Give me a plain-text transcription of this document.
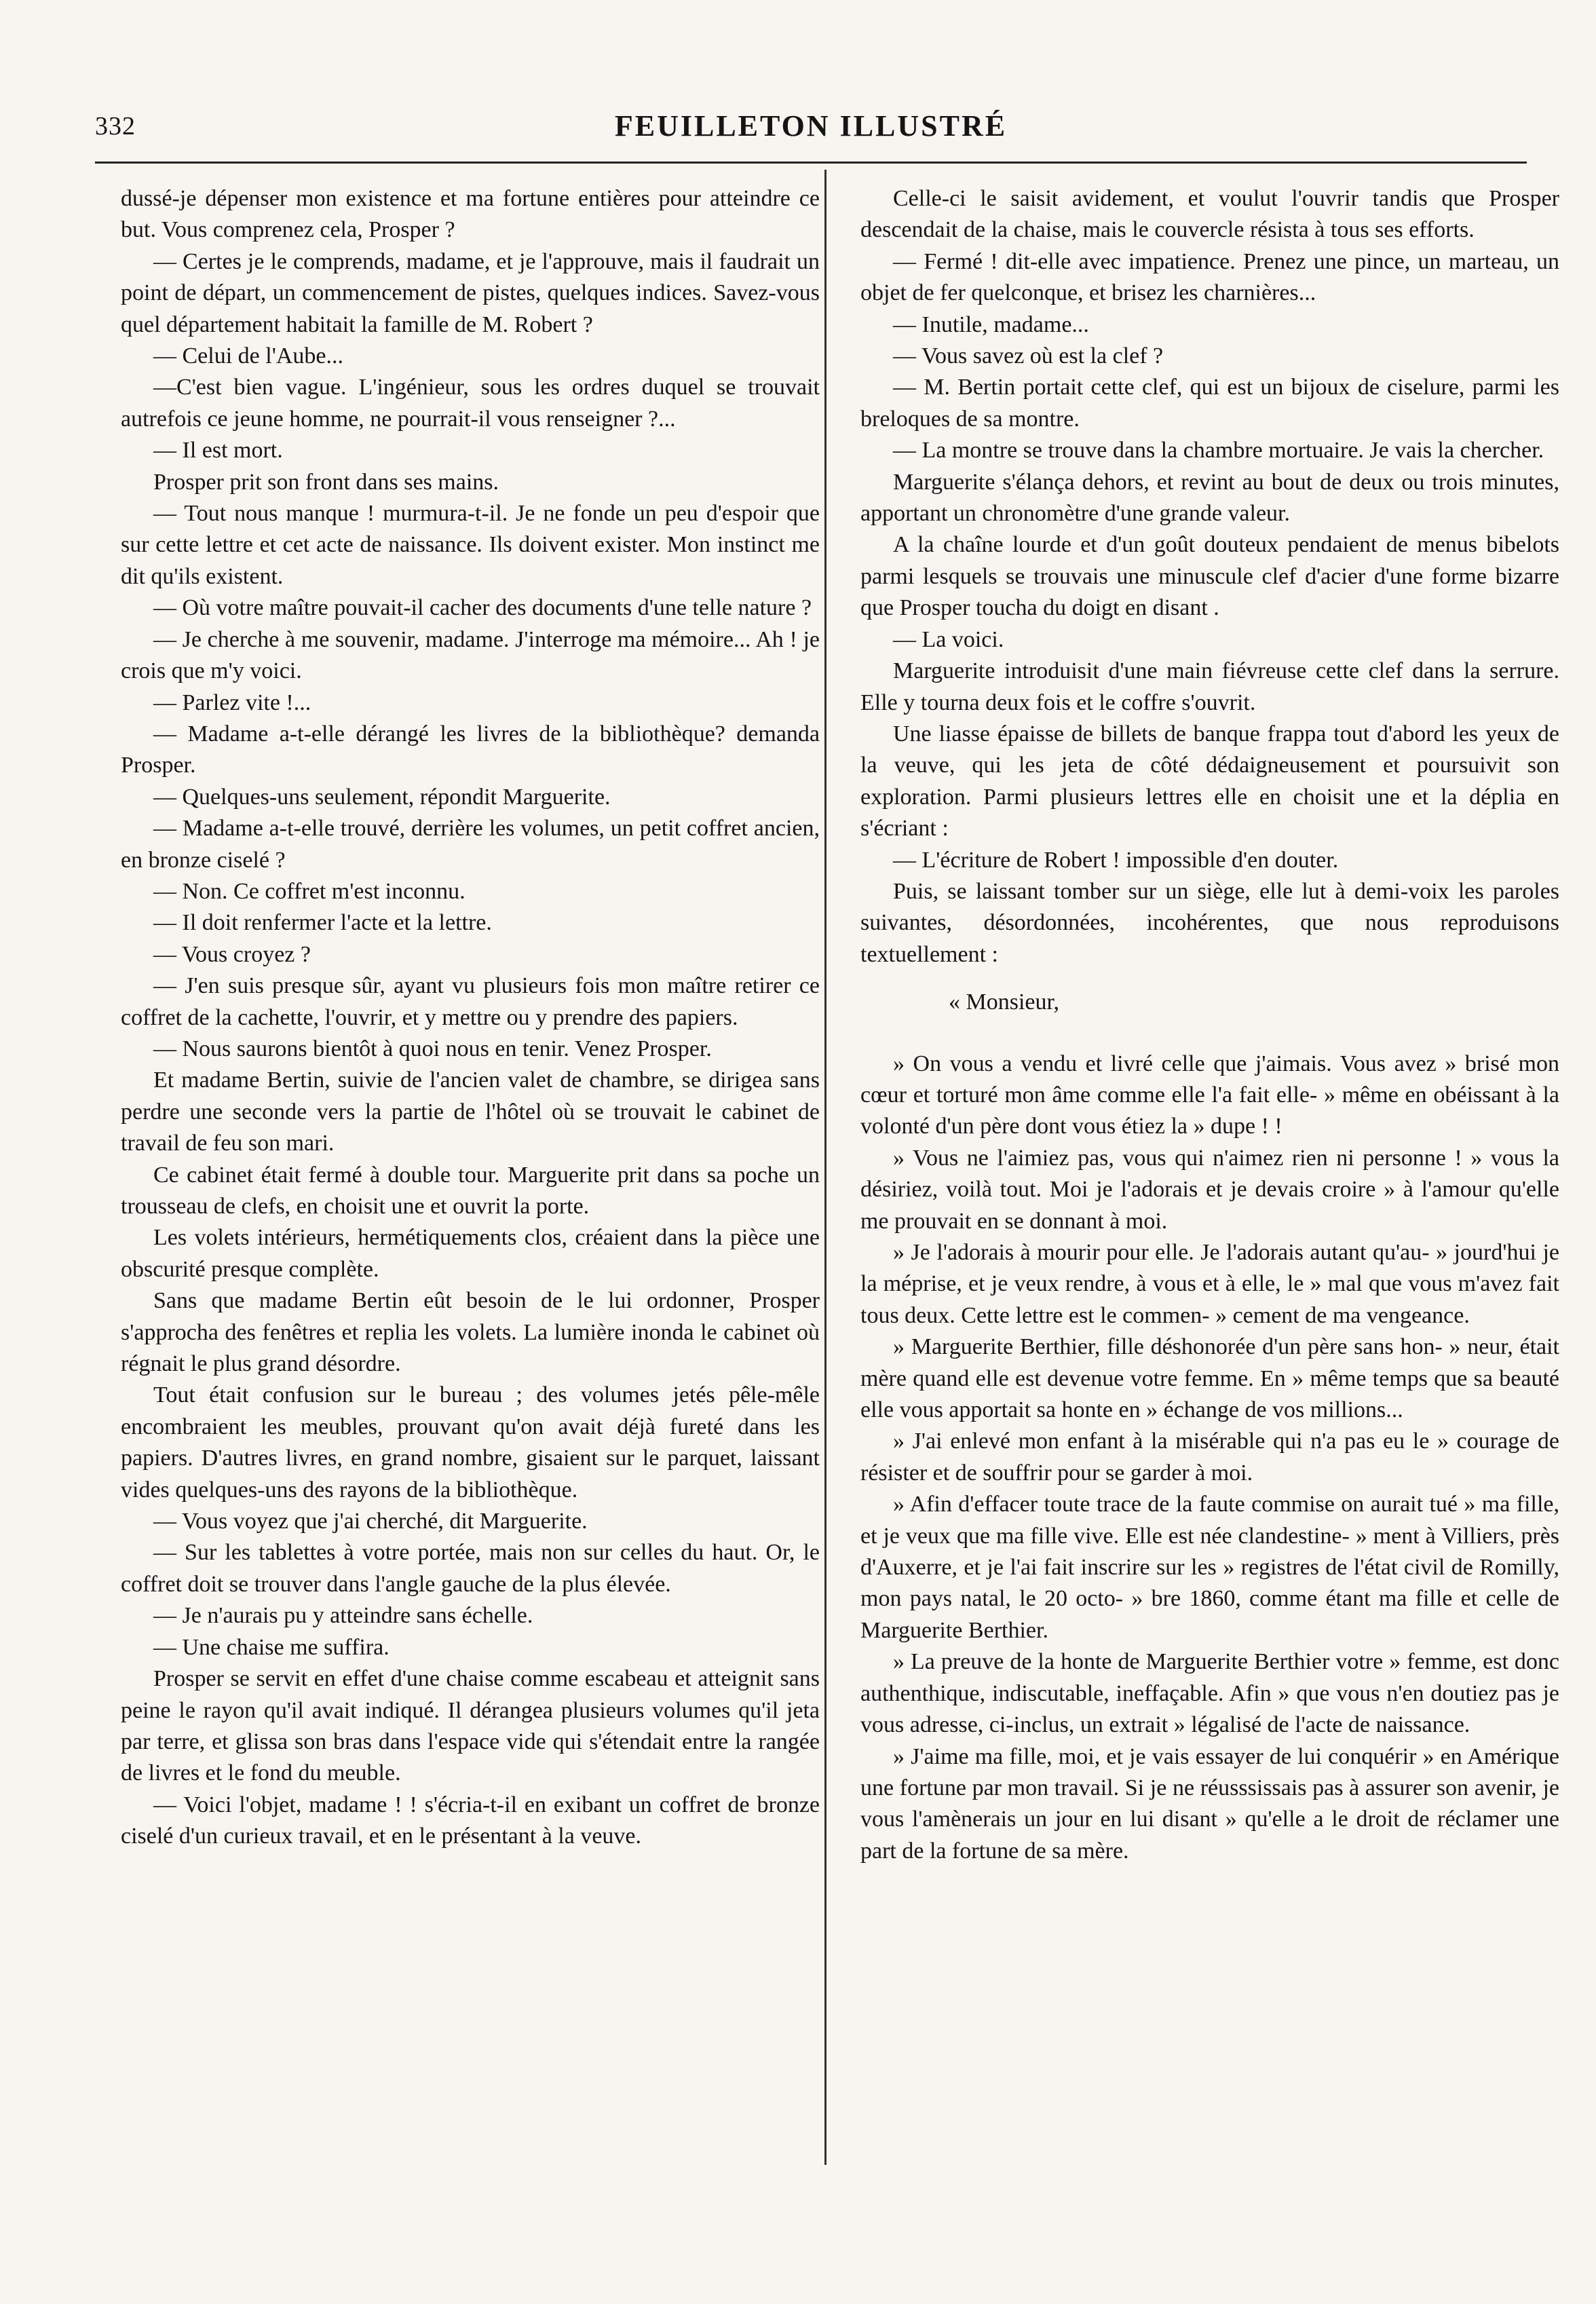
332	FEUILLETON ILLUSTRÉ

dussé-je dépenser mon existence et ma fortune entières pour atteindre ce but. Vous comprenez cela, Prosper ?

— Certes je le comprends, madame, et je l'approuve, mais il faudrait un point de départ, un commencement de pistes, quelques indices. Savez-vous quel département habitait la famille de M. Robert ?

— Celui de l'Aube...

—C'est bien vague. L'ingénieur, sous les ordres duquel se trouvait autrefois ce jeune homme, ne pourrait-il vous renseigner ?...

— Il est mort.

Prosper prit son front dans ses mains.

— Tout nous manque ! murmura-t-il. Je ne fonde un peu d'espoir que sur cette lettre et cet acte de naissance. Ils doivent exister. Mon instinct me dit qu'ils existent.

— Où votre maître pouvait-il cacher des documents d'une telle nature ?

— Je cherche à me souvenir, madame. J'interroge ma mémoire... Ah ! je crois que m'y voici.

— Parlez vite !...

— Madame a-t-elle dérangé les livres de la bibliothèque? demanda Prosper.

— Quelques-uns seulement, répondit Marguerite.

— Madame a-t-elle trouvé, derrière les volumes, un petit coffret ancien, en bronze ciselé ?

— Non. Ce coffret m'est inconnu.

— Il doit renfermer l'acte et la lettre.

— Vous croyez ?

— J'en suis presque sûr, ayant vu plusieurs fois mon maître retirer ce coffret de la cachette, l'ouvrir, et y mettre ou y prendre des papiers.

— Nous saurons bientôt à quoi nous en tenir. Venez Prosper.

Et madame Bertin, suivie de l'ancien valet de chambre, se dirigea sans perdre une seconde vers la partie de l'hôtel où se trouvait le cabinet de travail de feu son mari.

Ce cabinet était fermé à double tour. Marguerite prit dans sa poche un trousseau de clefs, en choisit une et ouvrit la porte.

Les volets intérieurs, hermétiquements clos, créaient dans la pièce une obscurité presque complète.

Sans que madame Bertin eût besoin de le lui ordonner, Prosper s'approcha des fenêtres et replia les volets. La lumière inonda le cabinet où régnait le plus grand désordre.

Tout était confusion sur le bureau ; des volumes jetés pêle-mêle encombraient les meubles, prouvant qu'on avait déjà fureté dans les papiers. D'autres livres, en grand nombre, gisaient sur le parquet, laissant vides quelques-uns des rayons de la bibliothèque.

— Vous voyez que j'ai cherché, dit Marguerite.

— Sur les tablettes à votre portée, mais non sur celles du haut. Or, le coffret doit se trouver dans l'angle gauche de la plus élevée.

— Je n'aurais pu y atteindre sans échelle.

— Une chaise me suffira.

Prosper se servit en effet d'une chaise comme escabeau et atteignit sans peine le rayon qu'il avait indiqué. Il dérangea plusieurs volumes qu'il jeta par terre, et glissa son bras dans l'espace vide qui s'étendait entre la rangée de livres et le fond du meuble.

— Voici l'objet, madame ! ! s'écria-t-il en exibant un coffret de bronze ciselé d'un curieux travail, et en le présentant à la veuve.

Celle-ci le saisit avidement, et voulut l'ouvrir tandis que Prosper descendait de la chaise, mais le couvercle résista à tous ses efforts.

— Fermé ! dit-elle avec impatience. Prenez une pince, un marteau, un objet de fer quelconque, et brisez les charnières...

— Inutile, madame...

— Vous savez où est la clef ?

— M. Bertin portait cette clef, qui est un bijoux de ciselure, parmi les breloques de sa montre.

— La montre se trouve dans la chambre mortuaire. Je vais la chercher.

Marguerite s'élança dehors, et revint au bout de deux ou trois minutes, apportant un chronomètre d'une grande valeur.

A la chaîne lourde et d'un goût douteux pendaient de menus bibelots parmi lesquels se trouvais une minuscule clef d'acier d'une forme bizarre que Prosper toucha du doigt en disant .

— La voici.

Marguerite introduisit d'une main fiévreuse cette clef dans la serrure. Elle y tourna deux fois et le coffre s'ouvrit.

Une liasse épaisse de billets de banque frappa tout d'abord les yeux de la veuve, qui les jeta de côté dédaigneusement et poursuivit son exploration. Parmi plusieurs lettres elle en choisit une et la déplia en s'écriant :

— L'écriture de Robert ! impossible d'en douter.

Puis, se laissant tomber sur un siège, elle lut à demi-voix les paroles suivantes, désordonnées, incohérentes, que nous reproduisons textuellement :

« Monsieur,

» On vous a vendu et livré celle que j'aimais. Vous avez » brisé mon cœur et torturé mon âme comme elle l'a fait elle- » même en obéissant à la volonté d'un père dont vous étiez la » dupe ! !

» Vous ne l'aimiez pas, vous qui n'aimez rien ni personne ! » vous la désiriez, voilà tout. Moi je l'adorais et je devais croire » à l'amour qu'elle me prouvait en se donnant à moi.

» Je l'adorais à mourir pour elle. Je l'adorais autant qu'au- » jourd'hui je la méprise, et je veux rendre, à vous et à elle, le » mal que vous m'avez fait tous deux. Cette lettre est le commen- » cement de ma vengeance.

» Marguerite Berthier, fille déshonorée d'un père sans hon- » neur, était mère quand elle est devenue votre femme. En » même temps que sa beauté elle vous apportait sa honte en » échange de vos millions...

» J'ai enlevé mon enfant à la misérable qui n'a pas eu le » courage de résister et de souffrir pour se garder à moi.

» Afin d'effacer toute trace de la faute commise on aurait tué » ma fille, et je veux que ma fille vive. Elle est née clandestine- » ment à Villiers, près d'Auxerre, et je l'ai fait inscrire sur les » registres de l'état civil de Romilly, mon pays natal, le 20 octo- » bre 1860, comme étant ma fille et celle de Marguerite Berthier.

» La preuve de la honte de Marguerite Berthier votre » femme, est donc authenthique, indiscutable, ineffaçable. Afin » que vous n'en doutiez pas je vous adresse, ci-inclus, un extrait » légalisé de l'acte de naissance.

» J'aime ma fille, moi, et je vais essayer de lui conquérir » en Amérique une fortune par mon travail. Si je ne réusssissais pas à assurer son avenir, je vous l'amènerais un jour en lui disant » qu'elle a le droit de réclamer une part de la fortune de sa mère.
